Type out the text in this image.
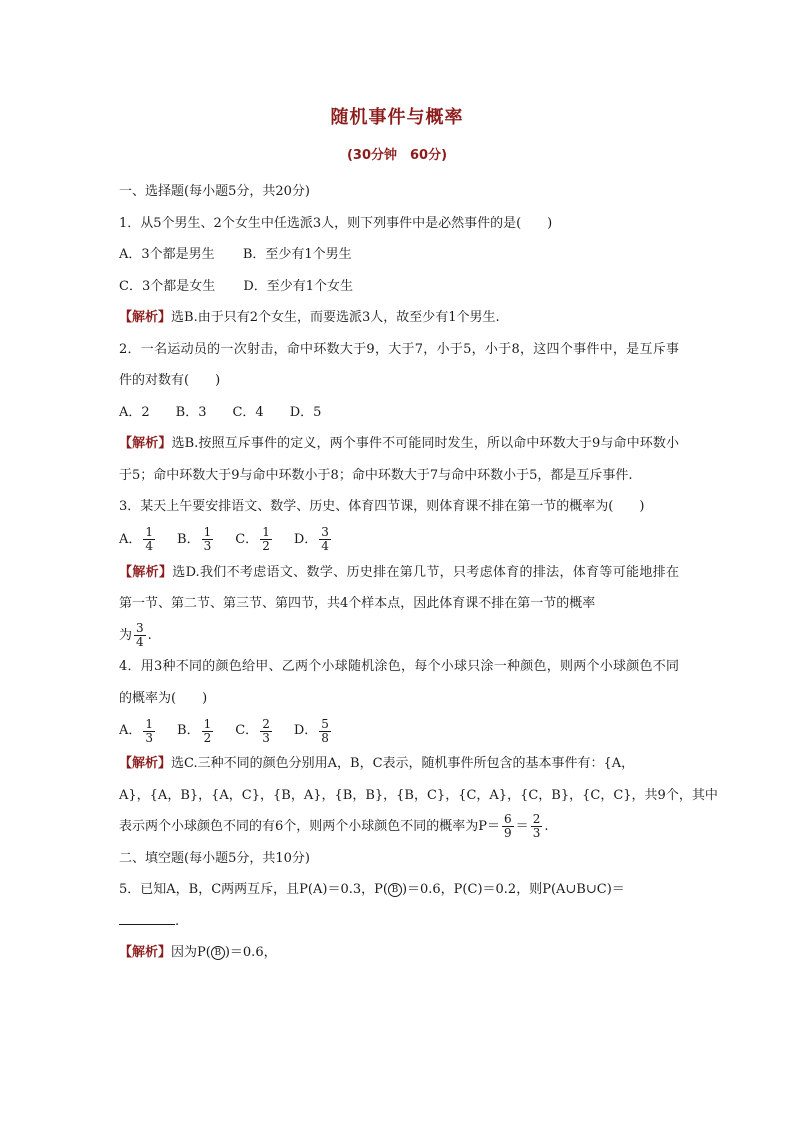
随机事件与概率
(30分钟　60分)

一、选择题(每小题5分，共20分)

1．从5个男生、2个女生中任选派3人，则下列事件中是必然事件的是(　　)

A．3个都是男生 B．至少有1个男生

C．3个都是女生 D．至少有1个女生

【解析】选B.由于只有2个女生，而要选派3人，故至少有1个男生.

2．一名运动员的一次射击，命中环数大于9，大于7，小于5，小于8，这四个事件中，是互斥事件的对数有(　　)

A．2　　B．3　　C．4　　D．5

【解析】选B.按照互斥事件的定义，两个事件不可能同时发生，所以命中环数大于9与命中环数小于5；命中环数大于9与命中环数小于8；命中环数大于7与命中环数小于5，都是互斥事件.

3．某天上午要安排语文、数学、历史、体育四节课，则体育课不排在第一节的概率为(　　)

A． $\frac{1}{4}$ B． $\frac{1}{3}$ C． $\frac{1}{2}$ D． $\frac{3}{4}$

【解析】选D.我们不考虑语文、数学、历史排在第几节，只考虑体育的排法，体育等可能地排在第一节、第二节、第三节、第四节，共4个样本点，因此体育课不排在第一节的概率

为 $\frac{3}{4}$ .

4．用3种不同的颜色给甲、乙两个小球随机涂色，每个小球只涂一种颜色，则两个小球颜色不同的概率为(　　)

A． $\frac{1}{3}$ B． $\frac{1}{2}$ C． $\frac{2}{3}$ D． $\frac{5}{8}$

【解析】选C.三种不同的颜色分别用A，B，C表示，随机事件所包含的基本事件有：{A，

A}，{A，B}，{A，C}，{B，A}，{B，B}，{B，C}，{C，A}，{C，B}，{C，C}，共9个，其中

表示两个小球颜色不同的有6个，则两个小球颜色不同的概率为$P= \frac{6}{9} = \frac{2}{3}$ .

二、填空题(每小题5分，共10分)

5．已知A，B，C两两互斥，且P(A)＝0.3，P( B )＝0.6，P(C)＝0.2，则P(A∪B∪C)＝

.

【解析】因为P( B )＝0.6，
